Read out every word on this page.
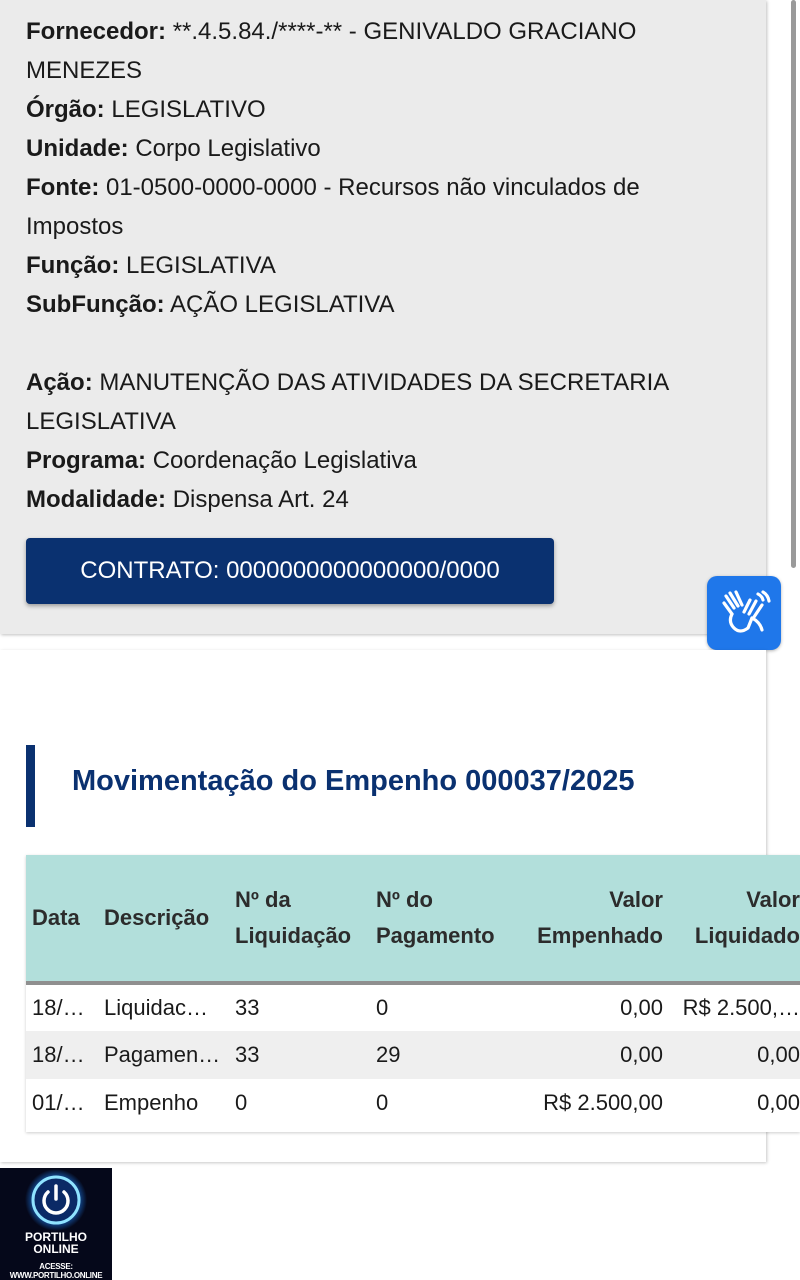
Fornecedor: **.4.5.84./****-** - GENIVALDO GRACIANO MENEZES

Órgão: LEGISLATIVO

Unidade: Corpo Legislativo

Fonte: 01-0500-0000-0000 - Recursos não vinculados de Impostos

Função: LEGISLATIVA

SubFunção: AÇÃO LEGISLATIVA

Ação: MANUTENÇÃO DAS ATIVIDADES DA SECRETARIA LEGISLATIVA

Programa: Coordenação Legislativa

Modalidade: Dispensa Art. 24

CONTRATO: 0000000000000000/0000
Movimentação do Empenho 000037/2025
Data	Descrição	Nº da Liquidação	Nº do Pagamento	Valor Empenhado	Valor Liquidado
18/…	Liquidac…	33	0	0,00	R$ 2.500,…
18/…	Pagamen…	33	29	0,00	0,00
01/…	Empenho	0	0	R$ 2.500,00	0,00
PORTILHO
ONLINE
ACESSE: WWW.PORTILHO.ONLINE
